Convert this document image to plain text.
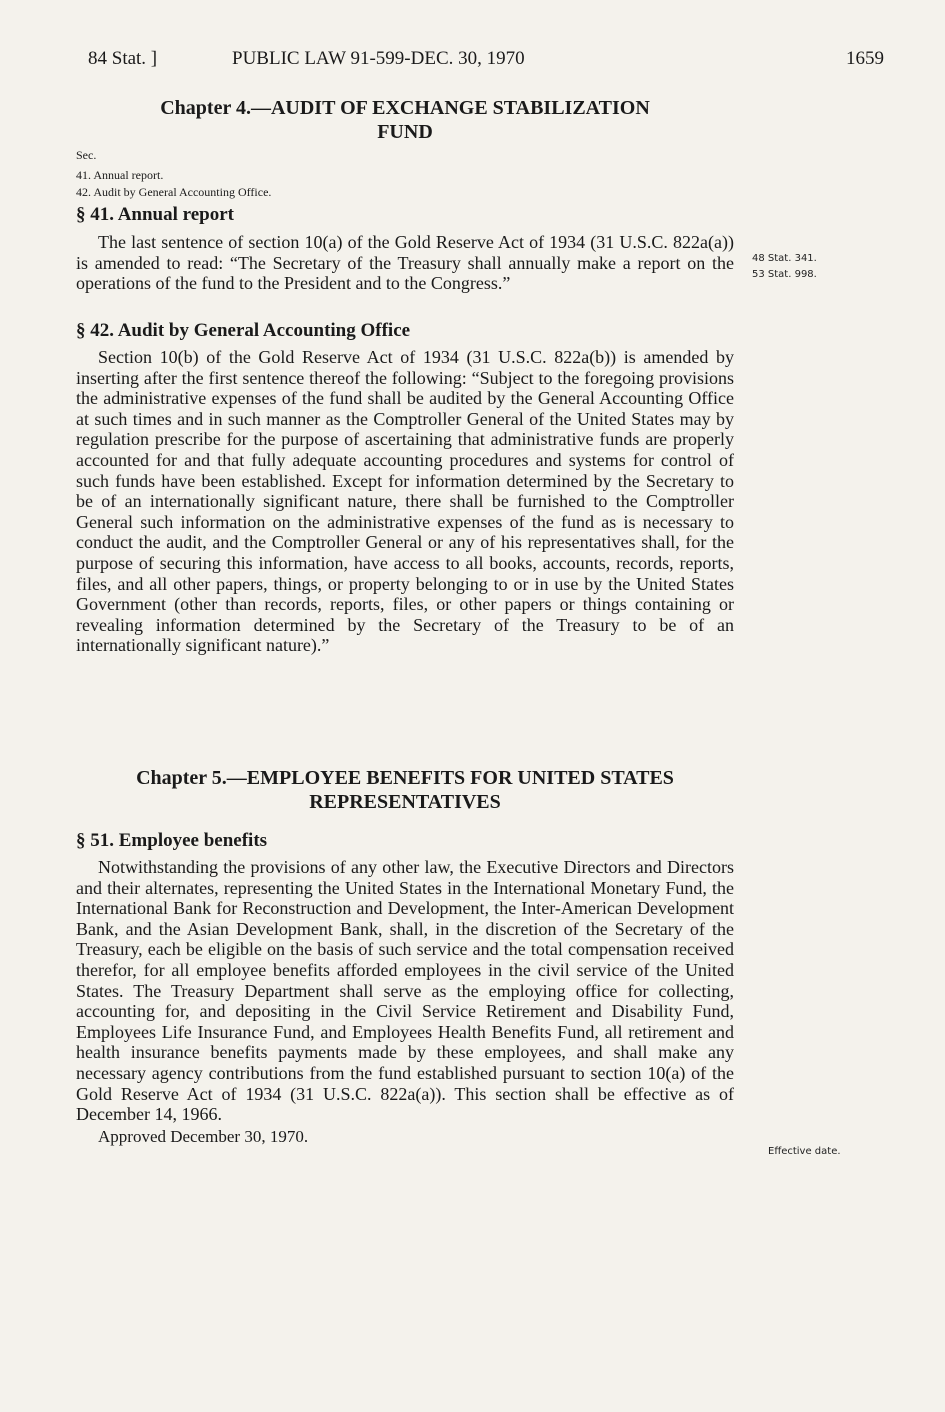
84 Stat. ]	PUBLIC LAW 91-599-DEC. 30, 1970	1659

Chapter 4.—AUDIT OF EXCHANGE STABILIZATION

FUND

Sec.

41. Annual report.

42. Audit by General Accounting Office.

§ 41. Annual report

The last sentence of section 10(a) of the Gold Reserve Act of 1934 (31 U.S.C. 822a(a)) is amended to read: “The Secretary of the Treasury shall annually make a report on the operations of the fund to the President and to the Congress.”

§ 42. Audit by General Accounting Office

Section 10(b) of the Gold Reserve Act of 1934 (31 U.S.C. 822a(b)) is amended by inserting after the first sentence thereof the following: “Subject to the foregoing provisions the administrative expenses of the fund shall be audited by the General Accounting Office at such times and in such manner as the Comptroller General of the United States may by regulation prescribe for the purpose of ascertaining that administrative funds are properly accounted for and that fully adequate accounting procedures and systems for control of such funds have been established. Except for information determined by the Secretary to be of an internationally significant nature, there shall be furnished to the Comptroller General such information on the administrative expenses of the fund as is necessary to conduct the audit, and the Comptroller General or any of his representatives shall, for the purpose of securing this information, have access to all books, accounts, records, reports, files, and all other papers, things, or property belonging to or in use by the United States Government (other than records, reports, files, or other papers or things containing or revealing information determined by the Secretary of the Treasury to be of an internationally significant nature).”

Chapter 5.—EMPLOYEE BENEFITS FOR UNITED STATES

REPRESENTATIVES

§ 51. Employee benefits

Notwithstanding the provisions of any other law, the Executive Directors and Directors and their alternates, representing the United States in the International Monetary Fund, the International Bank for Reconstruction and Development, the Inter-American Development Bank, and the Asian Development Bank, shall, in the discretion of the Secretary of the Treasury, each be eligible on the basis of such service and the total compensation received therefor, for all employee benefits afforded employees in the civil service of the United States. The Treasury Department shall serve as the employing office for collecting, accounting for, and depositing in the Civil Service Retirement and Disability Fund, Employees Life Insurance Fund, and Employees Health Benefits Fund, all retirement and health insurance benefits payments made by these employees, and shall make any necessary agency contributions from the fund established pursuant to section 10(a) of the Gold Reserve Act of 1934 (31 U.S.C. 822a(a)). This section shall be effective as of December 14, 1966.

Approved December 30, 1970.

48 Stat. 341.
53 Stat. 998.
Effective date.
